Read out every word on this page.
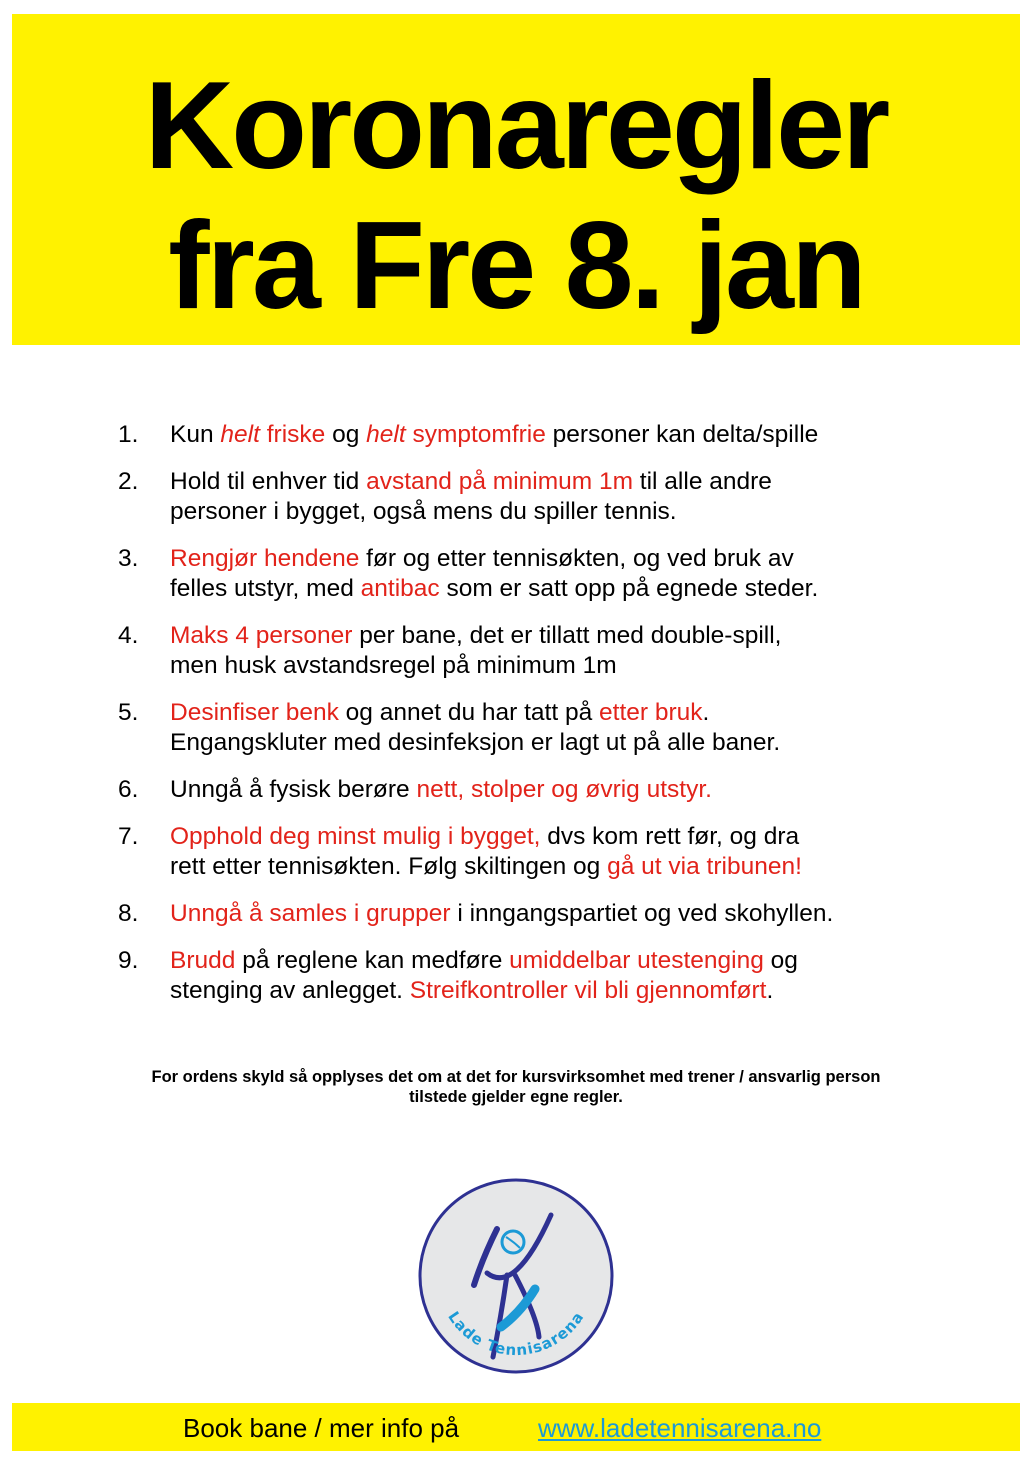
Koronaregler
fra Fre 8. jan
1. Kun helt friske og helt symptomfrie personer kan delta/spille
2. Hold til enhver tid avstand på minimum 1m til alle andre
personer i bygget, også mens du spiller tennis.
3. Rengjør hendene før og etter tennisøkten, og ved bruk av
felles utstyr, med antibac som er satt opp på egnede steder.
4. Maks 4 personer per bane, det er tillatt med double-spill,
men husk avstandsregel på minimum 1m
5. Desinfiser benk og annet du har tatt på etter bruk.
Engangskluter med desinfeksjon er lagt ut på alle baner.
6. Unngå å fysisk berøre nett, stolper og øvrig utstyr.
7. Opphold deg minst mulig i bygget, dvs kom rett før, og dra
rett etter tennisøkten. Følg skiltingen og gå ut via tribunen!
8. Unngå å samles i grupper i inngangspartiet og ved skohyllen.
9. Brudd på reglene kan medføre umiddelbar utestenging og
stenging av anlegget. Streifkontroller vil bli gjennomført.
For ordens skyld så opplyses det om at det for kursvirksomhet med trener / ansvarlig person
tilstede gjelder egne regler.
Lade Tennisarena
Book bane / mer info på	www.ladetennisarena.no
